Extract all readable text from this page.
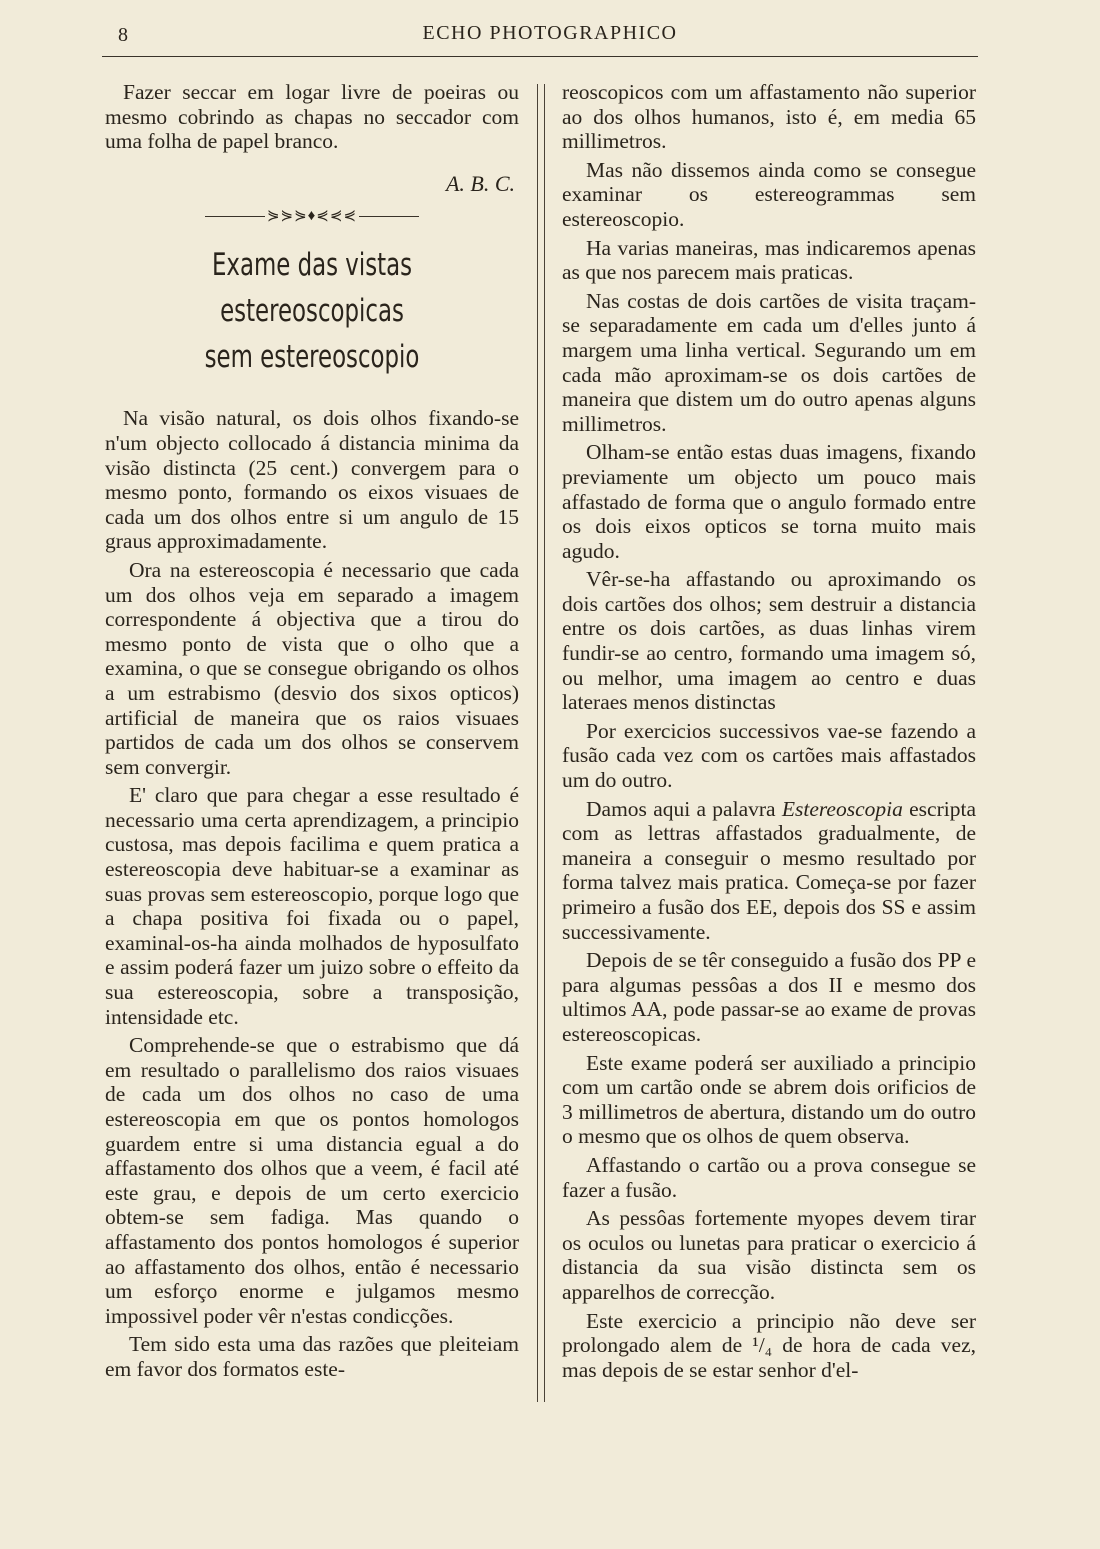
8	ECHO PHOTOGRAPHICO

Fazer seccar em logar livre de poeiras ou mesmo cobrindo as chapas no seccador com uma folha de papel branco.

A. B. C.
⋟⋟⋟♦⋞⋞⋞
Exame das vistas estereoscopicas
sem estereoscopio

Na visão natural, os dois olhos fixando-se n'um objecto collocado á distancia minima da visão distincta (25 cent.) convergem para o mesmo ponto, formando os eixos visuaes de cada um dos olhos entre si um angulo de 15 graus approximadamente.

Ora na estereoscopia é necessario que cada um dos olhos veja em separado a imagem correspondente á objectiva que a tirou do mesmo ponto de vista que o olho que a examina, o que se consegue obrigando os olhos a um estrabismo (desvio dos sixos opticos) artificial de maneira que os raios visuaes partidos de cada um dos olhos se conservem sem convergir.

E' claro que para chegar a esse resultado é necessario uma certa aprendizagem, a principio custosa, mas depois facilima e quem pratica a estereoscopia deve habituar-se a examinar as suas provas sem estereoscopio, porque logo que a chapa positiva foi fixada ou o papel, examinal-os-ha ainda molhados de hyposulfato e assim poderá fazer um juizo sobre o effeito da sua estereoscopia, sobre a transposição, intensidade etc.

Comprehende-se que o estrabismo que dá em resultado o parallelismo dos raios visuaes de cada um dos olhos no caso de uma estereoscopia em que os pontos homologos guardem entre si uma distancia egual a do affastamento dos olhos que a veem, é facil até este grau, e depois de um certo exercicio obtem-se sem fadiga. Mas quando o affastamento dos pontos homologos é superior ao affastamento dos olhos, então é necessario um esforço enorme e julgamos mesmo impossivel poder vêr n'estas condicções.

Tem sido esta uma das razões que pleiteiam em favor dos formatos este-

reoscopicos com um affastamento não superior ao dos olhos humanos, isto é, em media 65 millimetros.

Mas não dissemos ainda como se consegue examinar os estereogrammas sem estereoscopio.

Ha varias maneiras, mas indicaremos apenas as que nos parecem mais praticas.

Nas costas de dois cartões de visita traçam-se separadamente em cada um d'elles junto á margem uma linha vertical. Segurando um em cada mão aproximam-se os dois cartões de maneira que distem um do outro apenas alguns millimetros.

Olham-se então estas duas imagens, fixando previamente um objecto um pouco mais affastado de forma que o angulo formado entre os dois eixos opticos se torna muito mais agudo.

Vêr-se-ha affastando ou aproximando os dois cartões dos olhos; sem destruir a distancia entre os dois cartões, as duas linhas virem fundir-se ao centro, formando uma imagem só, ou melhor, uma imagem ao centro e duas lateraes menos distinctas

Por exercicios successivos vae-se fazendo a fusão cada vez com os cartões mais affastados um do outro.

Damos aqui a palavra Estereoscopia escripta com as lettras affastados gradualmente, de maneira a conseguir o mesmo resultado por forma talvez mais pratica. Começa-se por fazer primeiro a fusão dos EE, depois dos SS e assim successivamente.

Depois de se têr conseguido a fusão dos PP e para algumas pessôas a dos II e mesmo dos ultimos AA, pode passar-se ao exame de provas estereoscopicas.

Este exame poderá ser auxiliado a principio com um cartão onde se abrem dois orificios de 3 millimetros de abertura, distando um do outro o mesmo que os olhos de quem observa.

Affastando o cartão ou a prova consegue se fazer a fusão.

As pessôas fortemente myopes devem tirar os oculos ou lunetas para praticar o exercicio á distancia da sua visão distincta sem os apparelhos de correcção.

Este exercicio a principio não deve ser prolongado alem de ¹/₄ de hora de cada vez, mas depois de se estar senhor d'el-
